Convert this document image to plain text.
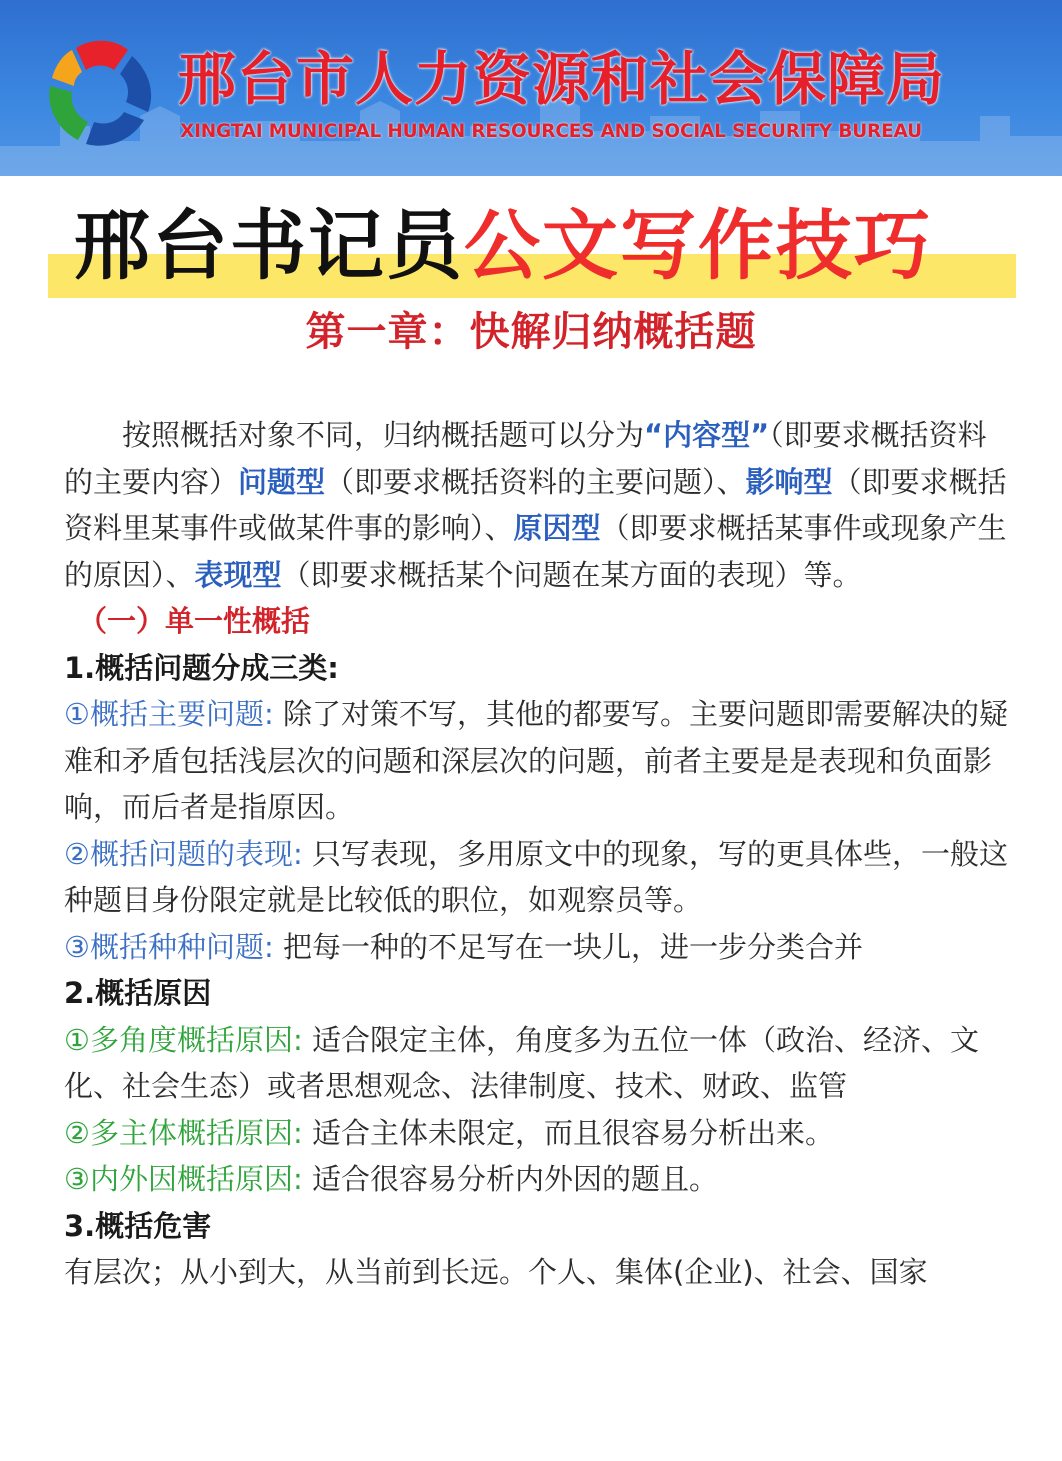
邢台市人力资源和社会保障局
XINGTAI MUNICIPAL HUMAN RESOURCES AND SOCIAL SECURITY BUREAU
邢台书记员公文写作技巧
第一章：快解归纳概括题

按照概括对象不同，归纳概括题可以分为“内容型”（即要求概括资料的主要内容）问题型（即要求概括资料的主要问题）、影响型（即要求概括资料里某事件或做某件事的影响）、原因型（即要求概括某事件或现象产生的原因）、表现型（即要求概括某个问题在某方面的表现）等。

（一）单一性概括

1.概括问题分成三类:

①概括主要问题: 除了对策不写，其他的都要写。主要问题即需要解决的疑难和矛盾包括浅层次的问题和深层次的问题，前者主要是是表现和负面影响，而后者是指原因。

②概括问题的表现: 只写表现，多用原文中的现象，写的更具体些，一般这种题目身份限定就是比较低的职位，如观察员等。

③概括种种问题: 把每一种的不足写在一块儿，进一步分类合并

2.概括原因

①多角度概括原因: 适合限定主体，角度多为五位一体（政治、经济、文化、社会生态）或者思想观念、法律制度、技术、财政、监管

②多主体概括原因: 适合主体未限定，而且很容易分析出来。

③内外因概括原因: 适合很容易分析内外因的题且。

3.概括危害

有层次；从小到大，从当前到长远。个人、集体(企业)、社会、国家
